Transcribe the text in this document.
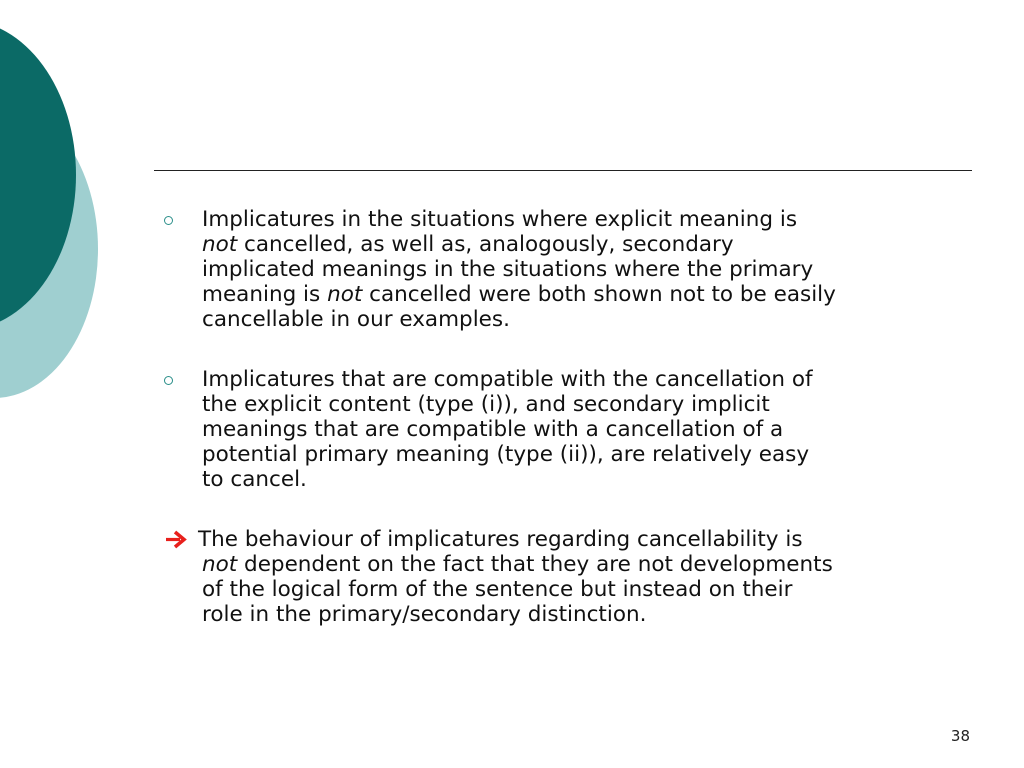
Implicatures in the situations where explicit meaning is
not cancelled, as well as, analogously, secondary
implicated meanings in the situations where the primary
meaning is not cancelled were both shown not to be easily
cancellable in our examples.
Implicatures that are compatible with the cancellation of
the explicit content (type (i)), and secondary implicit
meanings that are compatible with a cancellation of a
potential primary meaning (type (ii)), are relatively easy
to cancel.
The behaviour of implicatures regarding cancellability is
not dependent on the fact that they are not developments
of the logical form of the sentence but instead on their
role in the primary/secondary distinction.
38
